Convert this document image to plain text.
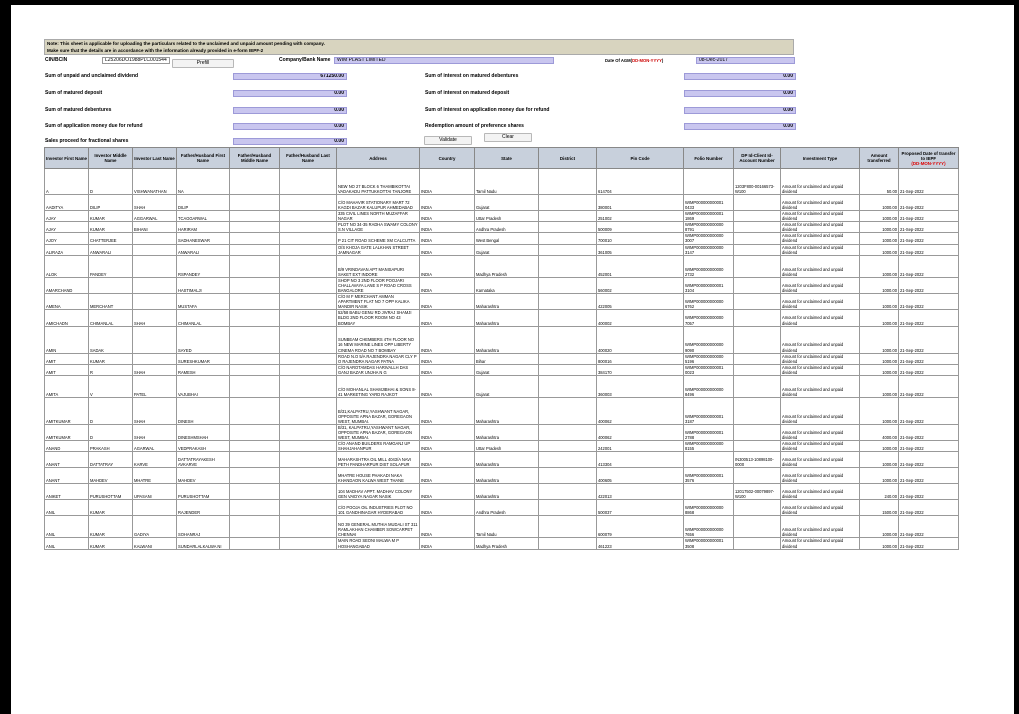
Note: This sheet is applicable for uploading the particulars related to the unclaimed and unpaid amount pending with company.
Make sure that the details are in accordance with the information already provided in e-form IEPF-2
CIN/BCIN	L25206DO1988PLC001544	Prefill	Company/Bank Name	WIM PLAST LIMITED	Date Of AGM(DD-MON-YYYY)	08-Dec-2017
Sum of unpaid and unclaimed dividend	671250.00
Sum of matured deposit	0.00
Sum of matured debentures	0.00
Sum of application money due for refund	0.00
Sales proceed for fractional shares	0.00
Sum of interest on matured debentures	0.00
Sum of interest on matured deposit	0.00
Sum of interest on application money due for refund	0.00
Redemption amount of preference shares	0.00
Validate	Clear
Investor First Name	Investor Middle Name	Investor Last Name	Father/Husband First Name	Father/Husband Middle Name	Father/Husband Last Name	Address	Country	State	District	Pin Code	Folio Number	DP Id-Client Id-Account Number	Investment Type	Amount transferred	Proposed Date of transfer to IEPF
(DD-MON-YYYY)
A	D	VISHWANATHAN	NA			NEW NO 27 BLOCK 6 THAMBIKOTTAI VADAKADU PATTUKKOTTAI TANJORE	INDIA	Tamil Nadu		614704		1203F800-00166573-W100	Amount for unclaimed and unpaid dividend	50.00	21-Sep-2022
AADITYA	DILIP	SHAH	DILIP			C/O MAHAVIR STATIONARY MART 72 KAGDI BAZAR KALUPUR AHMEDABAD	INDIA	Gujarat		380001	WIMP000000000001 0433		Amount for unclaimed and unpaid dividend	1000.00	21-Sep-2022
AJAY	KUMAR	AGGARWAL	TCAGGARWAL			335 CIVIL LINES NORTH MUZAFFAR NAGAR	INDIA	Uttar Pradesh		251002	WIMP000000000001 1869		Amount for unclaimed and unpaid dividend	1000.00	21-Sep-2022
AJAY	KUMAR	BIHANI	HARIRAM			PLOT NO 34-35 RADHA SWAMY COLONY S.N VILLAGE	INDIA	Andhra Pradesh		500009	WIMP000000000000 8791		Amount for unclaimed and unpaid dividend	1000.00	21-Sep-2022
AJOY	CHATTERJEE		SADHANESWAR			P 21 CIT ROAD SCHEME XM CALCUTTA	INDIA	West Bengal		700010	WIMP000000000000 3007		Amount for unclaimed and unpaid dividend	1000.00	21-Sep-2022
ALIRAZA	ANWARALI		ANWARALI			O/S KHOJA GATE LALKHAN STREET JAMNAGAR	INDIA	Gujarat		361005	WIMP000000000000 3147		Amount for unclaimed and unpaid dividend	1000.00	21-Sep-2022
ALOK	PANDEY		RSPANDEY			B/9 VRINDAVAN APT MANISAPURI SAKET EXT INDORE	INDIA	Madhya Pradesh		452001	WIMP000000000000 2732		Amount for unclaimed and unpaid dividend	1000.00	21-Sep-2022
AMARCHAND			HASTIMALJI			SHOP NO 3 2ND FLOOR POOJARI CHALLAVAYA LANE S P ROAD CROSS BANGALORE	INDIA	Karnataka		560002	WIMP000000000001 3104		Amount for unclaimed and unpaid dividend	1000.00	21-Sep-2022
AMENA	MERCHANT		MUSTAFA			C/O M F MERCHANT AMMAN APARTMENT FLAT NO 7 OPP KALIKA MANDIR NASIK	INDIA	Maharashtra		422005	WIMP000000000000 6762		Amount for unclaimed and unpaid dividend	1000.00	21-Sep-2022
AMICHADN	CHIMANLAL	SHAH	CHIMANLAL			52/58 BABU GENU RD JIVRAJ SHAMJI BLDG 2ND FLOOR ROOM NO 43 BOMBAY	INDIA	Maharashtra		400002	WIMP000000000000 7057		Amount for unclaimed and unpaid dividend	1000.00	21-Sep-2022
AMIN	SADAK		SAYED			SUNBEAM CHEMBERS 4TH FLOOR NO 16 NEW MARINE LINES OPP LIBERTY CINEMA ROAD NO 7 BOMBAY	INDIA	Maharashtra		400020	WIMP000000000000 9090		Amount for unclaimed and unpaid dividend	1000.00	21-Sep-2022
AMIT	KUMAR		SURESHKUMAR			ROAD N.O 5/A RAJENDRA NAGAR CLY P O RAJENDRA NAGAR PATNA	INDIA	Bihar		800016	WIMP000000000000 5196		Amount for unclaimed and unpaid dividend	1000.00	21-Sep-2022
AMIT	R	SHAH	RAMESH			C/O NAROTAMDAS HARIVALLH DAS GANJ BAZAR UNJHA N G	INDIA	Gujarat		384170	WIMP000000000001 0023		Amount for unclaimed and unpaid dividend	1000.00	21-Sep-2022
AMITA	V	PATEL	VAJUBHAI			C/O MOHANLAL SHAMJIBHAI & SONS 8-41 MARKETING YARD RAJKOT	INDIA	Gujarat		360003	WIMP000000000000 8496		Amount for unclaimed and unpaid dividend	1000.00	21-Sep-2022
AMITKUMAR	D	SHAH	DINESH			B/31,KALPATRU,YASHWANT NAGAR, OPPOSITE APNA BAZAR, GOREGAON WEST, MUMBAI.	INDIA	Maharashtra		400062	WIMP000000000001 3187		Amount for unclaimed and unpaid dividend	1000.00	21-Sep-2022
AMITKUMAR	D	SHAH	DINESHMSHAH			B/31, KALPATRU,YASHWANT NAGAR, OPPOSITE APNA BAZAR, GOREGAON WEST, MUMBAI.	INDIA	Maharashtra		400062	WIMP000000000001 2788		Amount for unclaimed and unpaid dividend	4000.00	21-Sep-2022
ANAND	PRAKASH	AGARWAL	VEDPRAKASH			C/O ANAND BUILDERS RAMGANJ UP SHAHJAHANPUR	INDIA	Uttar Pradesh		242001	WIMP000000000000 8155		Amount for unclaimed and unpaid dividend	1000.00	21-Sep-2022
ANANT	DATTATRAY	KARVE	DATTATRAYAKESH AVKARVE			MAHARASHTRA OIL MILL 4043/A NAVI PETH PANDHARPUR DIST SOLAPUR	INDIA	Maharashtra		413304		IN300513-10898100-0000	Amount for unclaimed and unpaid dividend	1000.00	21-Sep-2022
ANANT	MAHDEV	MHATRE	MAHDEV			MHATRE HOUSE PHAKADI NAKA KHANDAON KALWA WEST THANE	INDIA	Maharashtra		400605	WIMP000000000001 3576		Amount for unclaimed and unpaid dividend	1000.00	21-Sep-2022
ANIKET	PURUSHOTTAM	UPASANI	PURUSHOTTAM			104 MADHAV APPT. MADHAV COLONY GEN VAIDYA NAGAR NASIK	INDIA	Maharashtra		422013		12017502-00079897-W100	Amount for unclaimed and unpaid dividend	240.00	21-Sep-2022
ANIL	KUMAR		RAJENDER			C/O POOJA OIL INDUSTRIES PLOT NO 101 GANDHINAGAR HYDERABAD	INDIA	Andhra Pradesh		500037	WIMP000000000000 8868		Amount for unclaimed and unpaid dividend	1500.00	21-Sep-2022
ANIL	KUMAR	GADIYA	SOHANRAJ			NO 39 GENERAL MUTHIA MUDALI ST 311 RAMLAKHAN CHAMBER SOWCARPET CHENNAI	INDIA	Tamil Nadu		600079	WIMP000000000000 7656		Amount for unclaimed and unpaid dividend	1000.00	21-Sep-2022
ANIL	KUMAR	KALWANI	SUNDARLALKALWA NI			MAIN ROAD SEONI MALWA M P HOSHANGABAD	INDIA	Madhya Pradesh		461223	WIMP000000000001 3508		Amount for unclaimed and unpaid dividend	1000.00	21-Sep-2022
